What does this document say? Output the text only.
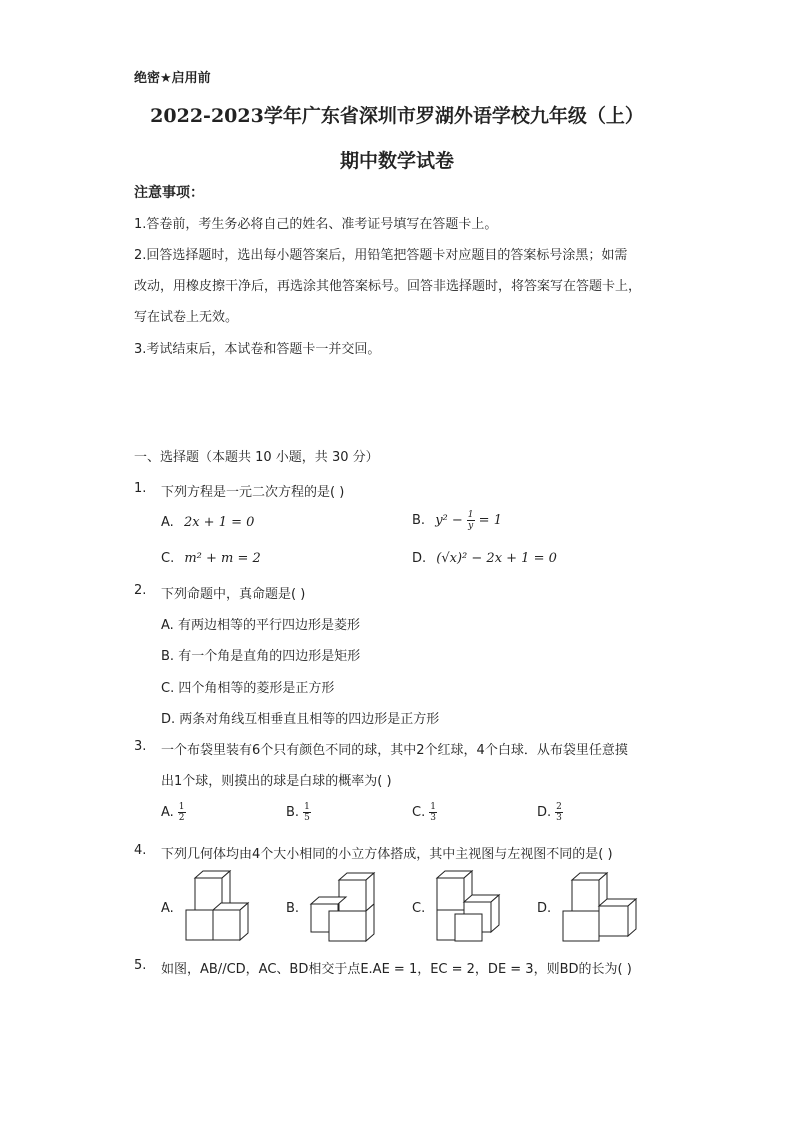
绝密★启用前
2022-2023学年广东省深圳市罗湖外语学校九年级（上）
期中数学试卷
注意事项：
1.答卷前，考生务必将自己的姓名、准考证号填写在答题卡上。
2.回答选择题时，选出每小题答案后，用铅笔把答题卡对应题目的答案标号涂黑；如需
改动，用橡皮擦干净后，再选涂其他答案标号。回答非选择题时，将答案写在答题卡上，
写在试卷上无效。
3.考试结束后，本试卷和答题卡一并交回。
一、选择题（本题共 10 小题，共 30 分）
1. 下列方程是一元二次方程的是( )
A. 2x + 1 = 0	B. $y^2 - \frac{1}{y} = 1$
C. m² + m = 2	D. (√x)² − 2x + 1 = 0
2. 下列命题中，真命题是( )
A. 有两边相等的平行四边形是菱形
B. 有一个角是直角的四边形是矩形
C. 四个角相等的菱形是正方形
D. 两条对角线互相垂直且相等的四边形是正方形
3. 一个布袋里装有6个只有颜色不同的球，其中2个红球，4个白球．从布袋里任意摸
出1个球，则摸出的球是白球的概率为( )
A. $\frac{1}{2}$	B. $\frac{1}{5}$	C. $\frac{1}{3}$	D. $\frac{2}{3}$
4. 下列几何体均由4个大小相同的小立方体搭成，其中主视图与左视图不同的是( )
A.	B.	C.	D.
5. 如图，AB//CD，AC、BD相交于点E.AE = 1，EC = 2，DE = 3，则BD的长为( )
